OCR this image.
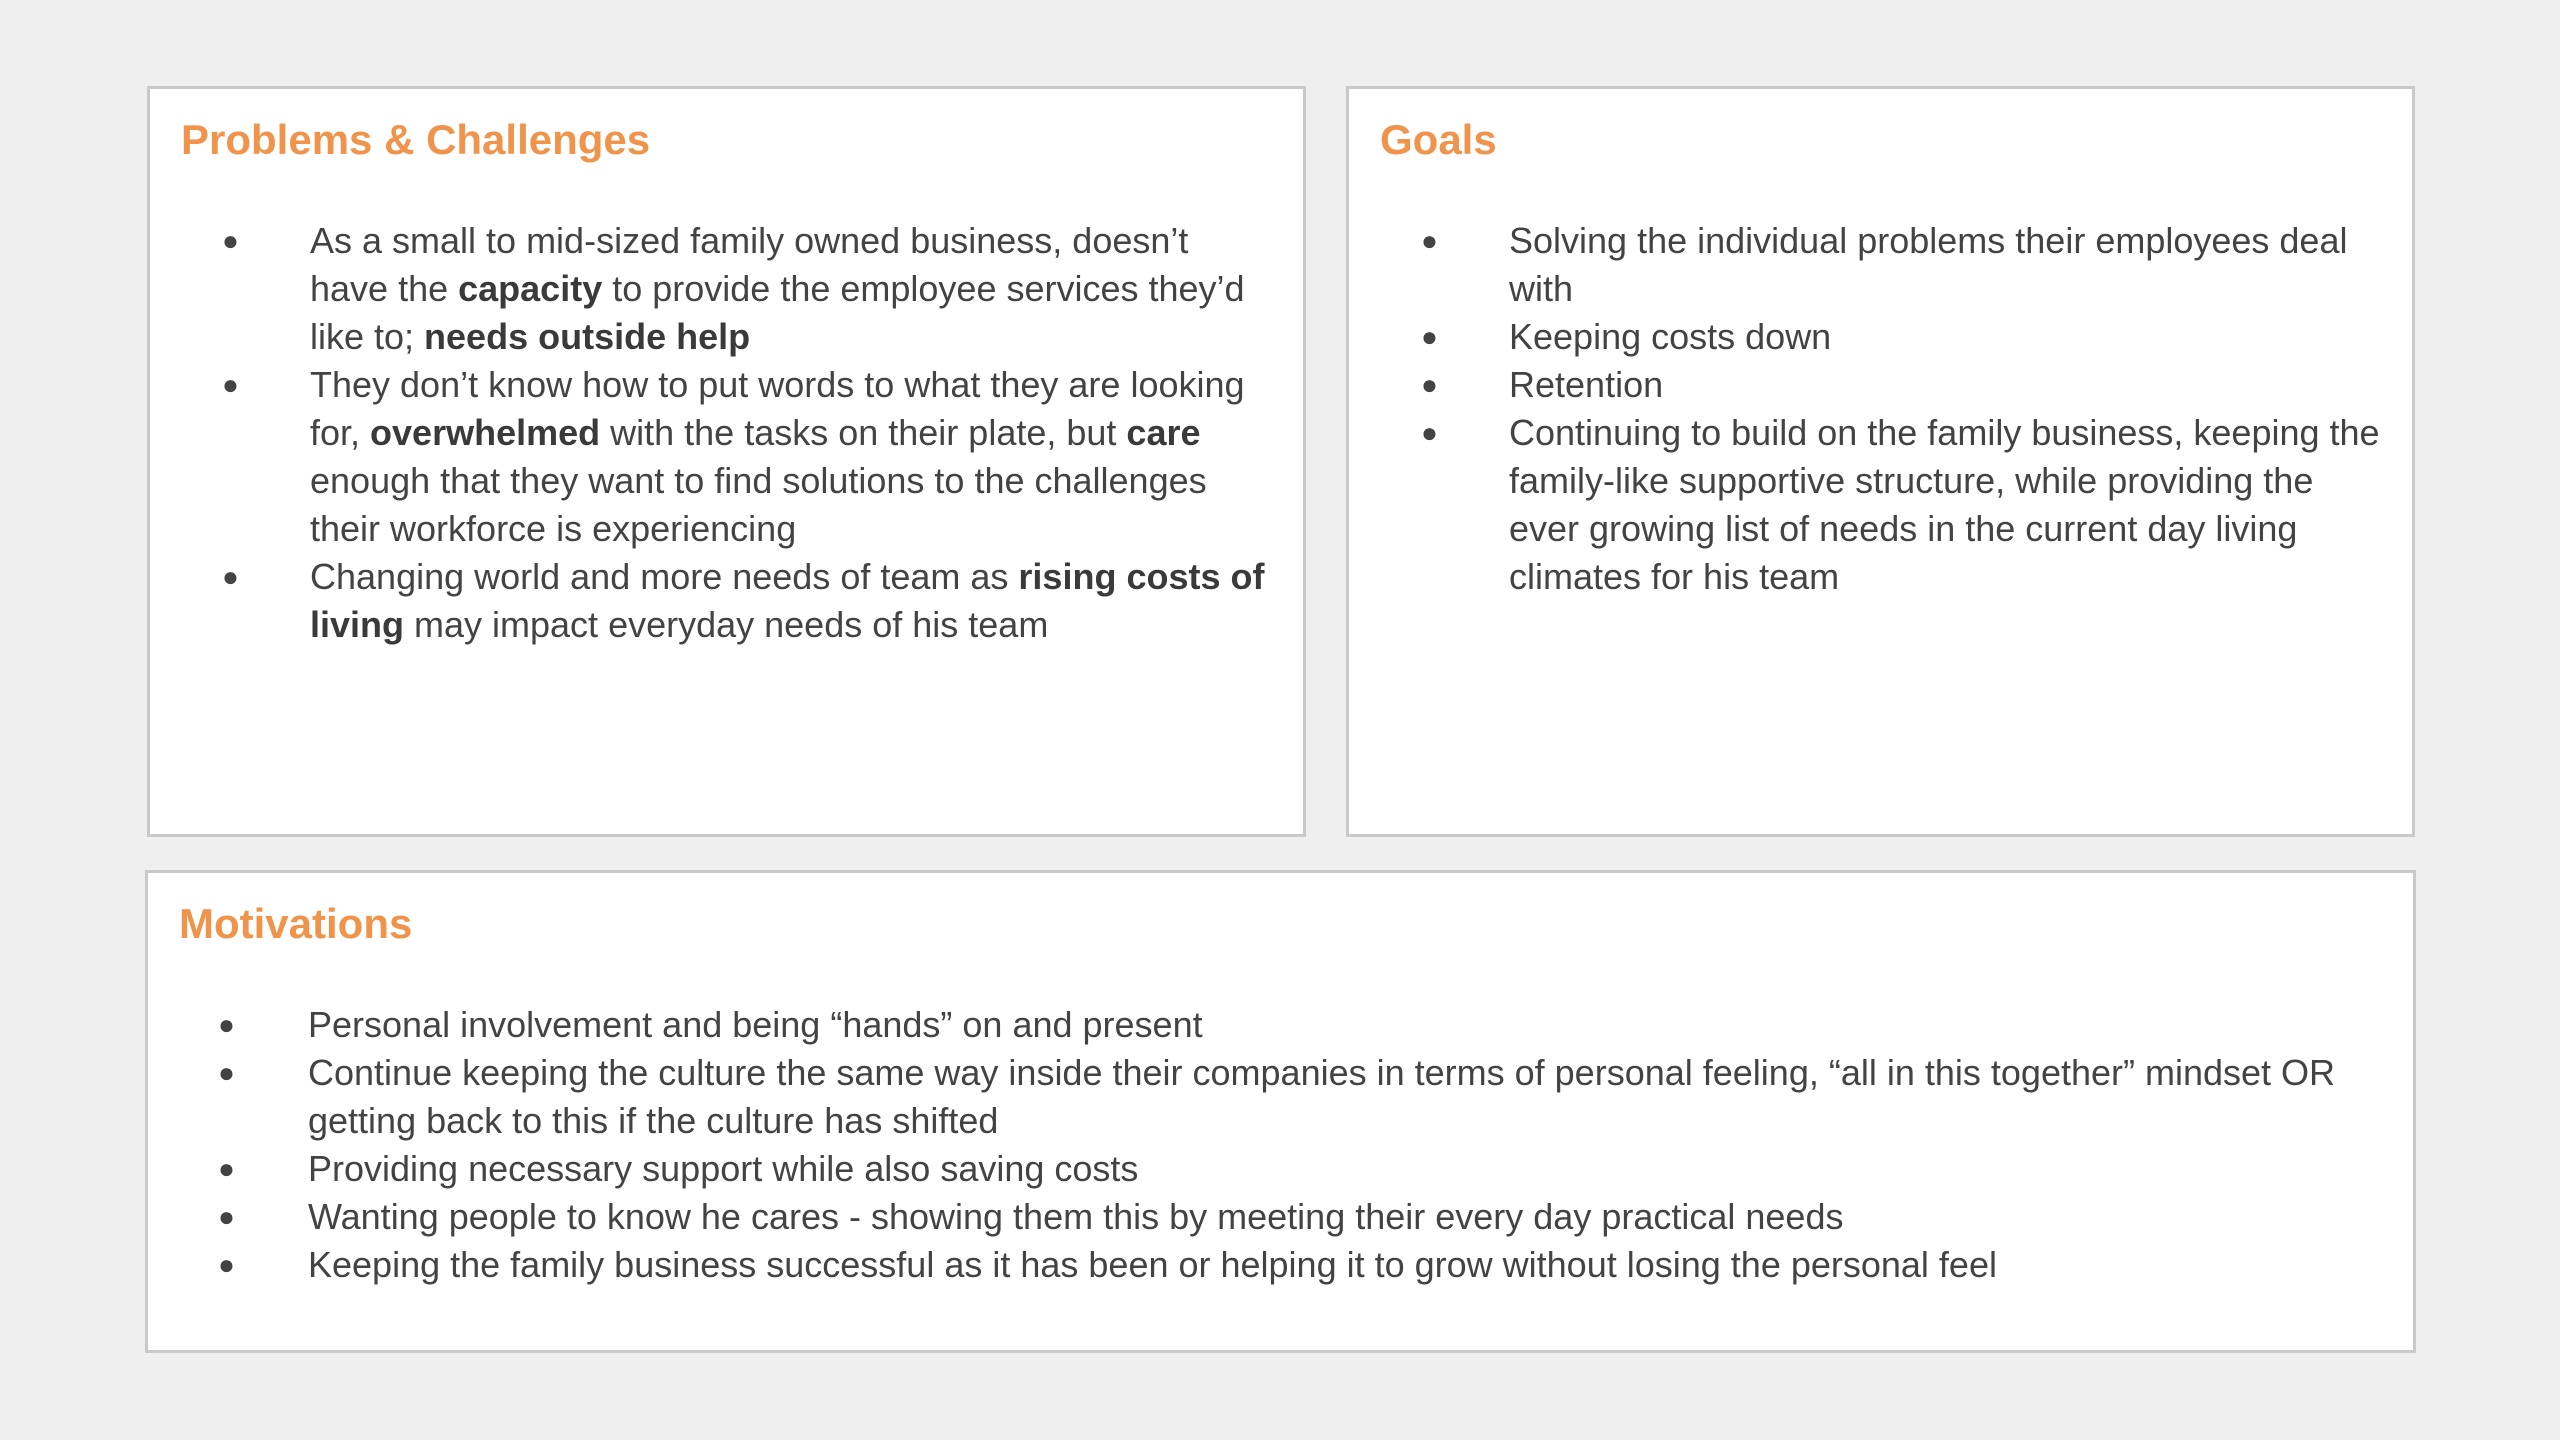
Problems & Challenges
● As a small to mid-sized family owned business, doesn’t have the capacity to provide the employee services they’d like to; needs outside help
● They don’t know how to put words to what they are looking for, overwhelmed with the tasks on their plate, but care enough that they want to find solutions to the challenges their workforce is experiencing
● Changing world and more needs of team as rising costs of living may impact everyday needs of his team
Goals
● Solving the individual problems their employees deal with
● Keeping costs down
● Retention
● Continuing to build on the family business, keeping the family-like supportive structure, while providing the ever growing list of needs in the current day living climates for his team
Motivations
● Personal involvement and being “hands” on and present
● Continue keeping the culture the same way inside their companies in terms of personal feeling, “all in this together” mindset OR getting back to this if the culture has shifted
● Providing necessary support while also saving costs
● Wanting people to know he cares - showing them this by meeting their every day practical needs
● Keeping the family business successful as it has been or helping it to grow without losing the personal feel
